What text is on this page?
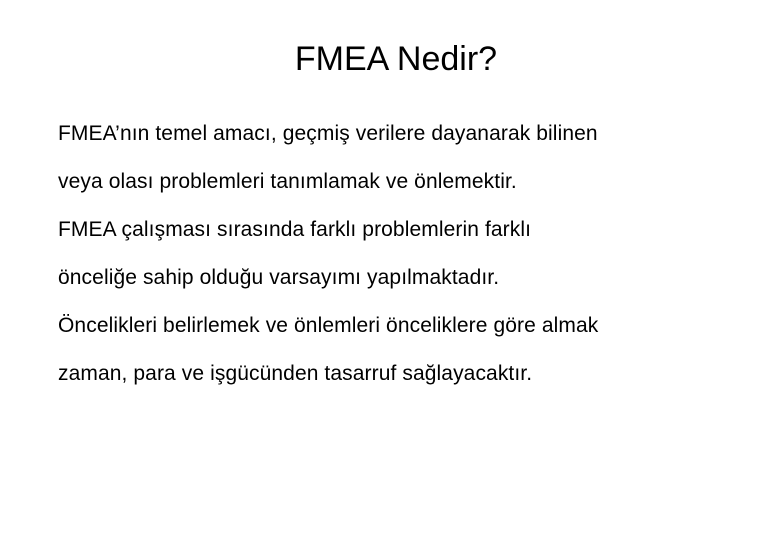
FMEA Nedir?

FMEA’nın temel amacı, geçmiş verilere dayanarak bilinen
veya olası problemleri tanımlamak ve önlemektir.

FMEA çalışması sırasında farklı problemlerin farklı
önceliğe sahip olduğu varsayımı yapılmaktadır.

Öncelikleri belirlemek ve önlemleri önceliklere göre almak
zaman, para ve işgücünden tasarruf sağlayacaktır.
